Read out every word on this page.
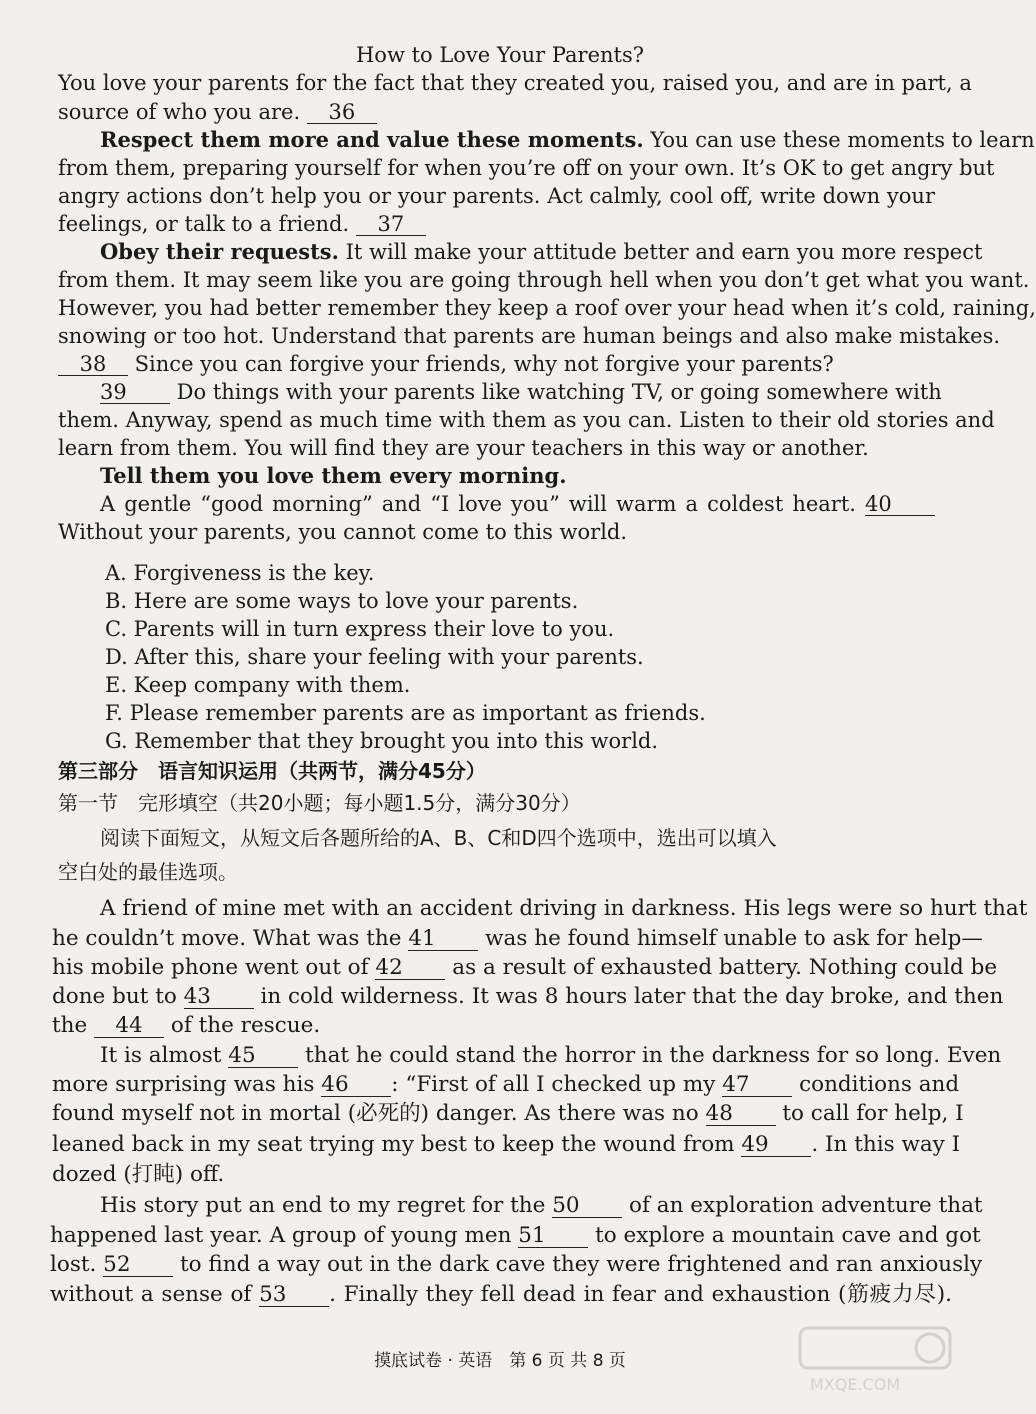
How to Love Your Parents?
You love your parents for the fact that they created you, raised you, and are in part, a
source of who you are. 36
Respect them more and value these moments. You can use these moments to learn
from them, preparing yourself for when you’re off on your own. It’s OK to get angry but
angry actions don’t help you or your parents. Act calmly, cool off, write down your
feelings, or talk to a friend. 37
Obey their requests. It will make your attitude better and earn you more respect
from them. It may seem like you are going through hell when you don’t get what you want.
However, you had better remember they keep a roof over your head when it’s cold, raining,
snowing or too hot. Understand that parents are human beings and also make mistakes.
38 Since you can forgive your friends, why not forgive your parents?
39 Do things with your parents like watching TV, or going somewhere with
them. Anyway, spend as much time with them as you can. Listen to their old stories and
learn from them. You will find they are your teachers in this way or another.
Tell them you love them every morning.
A gentle “good morning” and “I love you” will warm a coldest heart. 40
Without your parents, you cannot come to this world.
A. Forgiveness is the key.
B. Here are some ways to love your parents.
C. Parents will in turn express their love to you.
D. After this, share your feeling with your parents.
E. Keep company with them.
F. Please remember parents are as important as friends.
G. Remember that they brought you into this world.
第三部分　语言知识运用（共两节，满分45分）
第一节　完形填空（共20小题；每小题1.5分，满分30分）
阅读下面短文，从短文后各题所给的A、B、C和D四个选项中，选出可以填入
空白处的最佳选项。
A friend of mine met with an accident driving in darkness. His legs were so hurt that
he couldn’t move. What was the 41 was he found himself unable to ask for help—
his mobile phone went out of 42 as a result of exhausted battery. Nothing could be
done but to 43 in cold wilderness. It was 8 hours later that the day broke, and then
the 44 of the rescue.
It is almost 45 that he could stand the horror in the darkness for so long. Even
more surprising was his 46 : “First of all I checked up my 47 conditions and
found myself not in mortal (必死的) danger. As there was no 48 to call for help, I
leaned back in my seat trying my best to keep the wound from 49 . In this way I
dozed (打盹) off.
His story put an end to my regret for the 50 of an exploration adventure that
happened last year. A group of young men 51 to explore a mountain cave and got
lost. 52 to find a way out in the dark cave they were frightened and ran anxiously
without a sense of 53 . Finally they fell dead in fear and exhaustion (筋疲力尽).
摸底试卷 · 英语　第 6 页 共 8 页
MXQE.COM
